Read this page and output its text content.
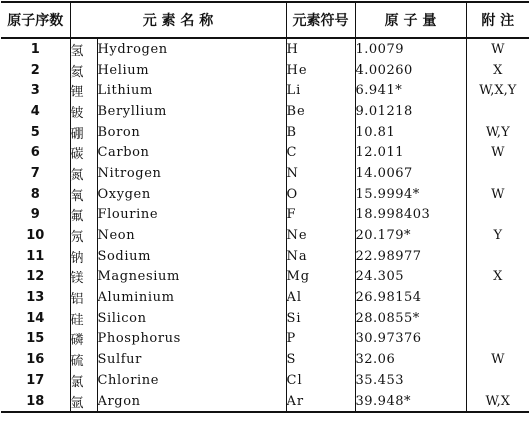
原子序数	元 素 名 称		元素符号	原 子 量	附 注
1	氢	Hydrogen	H	1.0079	W
2	氦	Helium	He	4.00260	X
3	锂	Lithium	Li	6.941*	W,X,Y
4	铍	Beryllium	Be	9.01218	
5	硼	Boron	B	10.81	W,Y
6	碳	Carbon	C	12.011	W
7	氮	Nitrogen	N	14.0067	
8	氧	Oxygen	O	15.9994*	W
9	氟	Flourine	F	18.998403	
10	氖	Neon	Ne	20.179*	Y
11	钠	Sodium	Na	22.98977	
12	镁	Magnesium	Mg	24.305	X
13	铝	Aluminium	Al	26.98154	
14	硅	Silicon	Si	28.0855*	
15	磷	Phosphorus	P	30.97376	
16	硫	Sulfur	S	32.06	W
17	氯	Chlorine	Cl	35.453	
18	氩	Argon	Ar	39.948*	W,X
